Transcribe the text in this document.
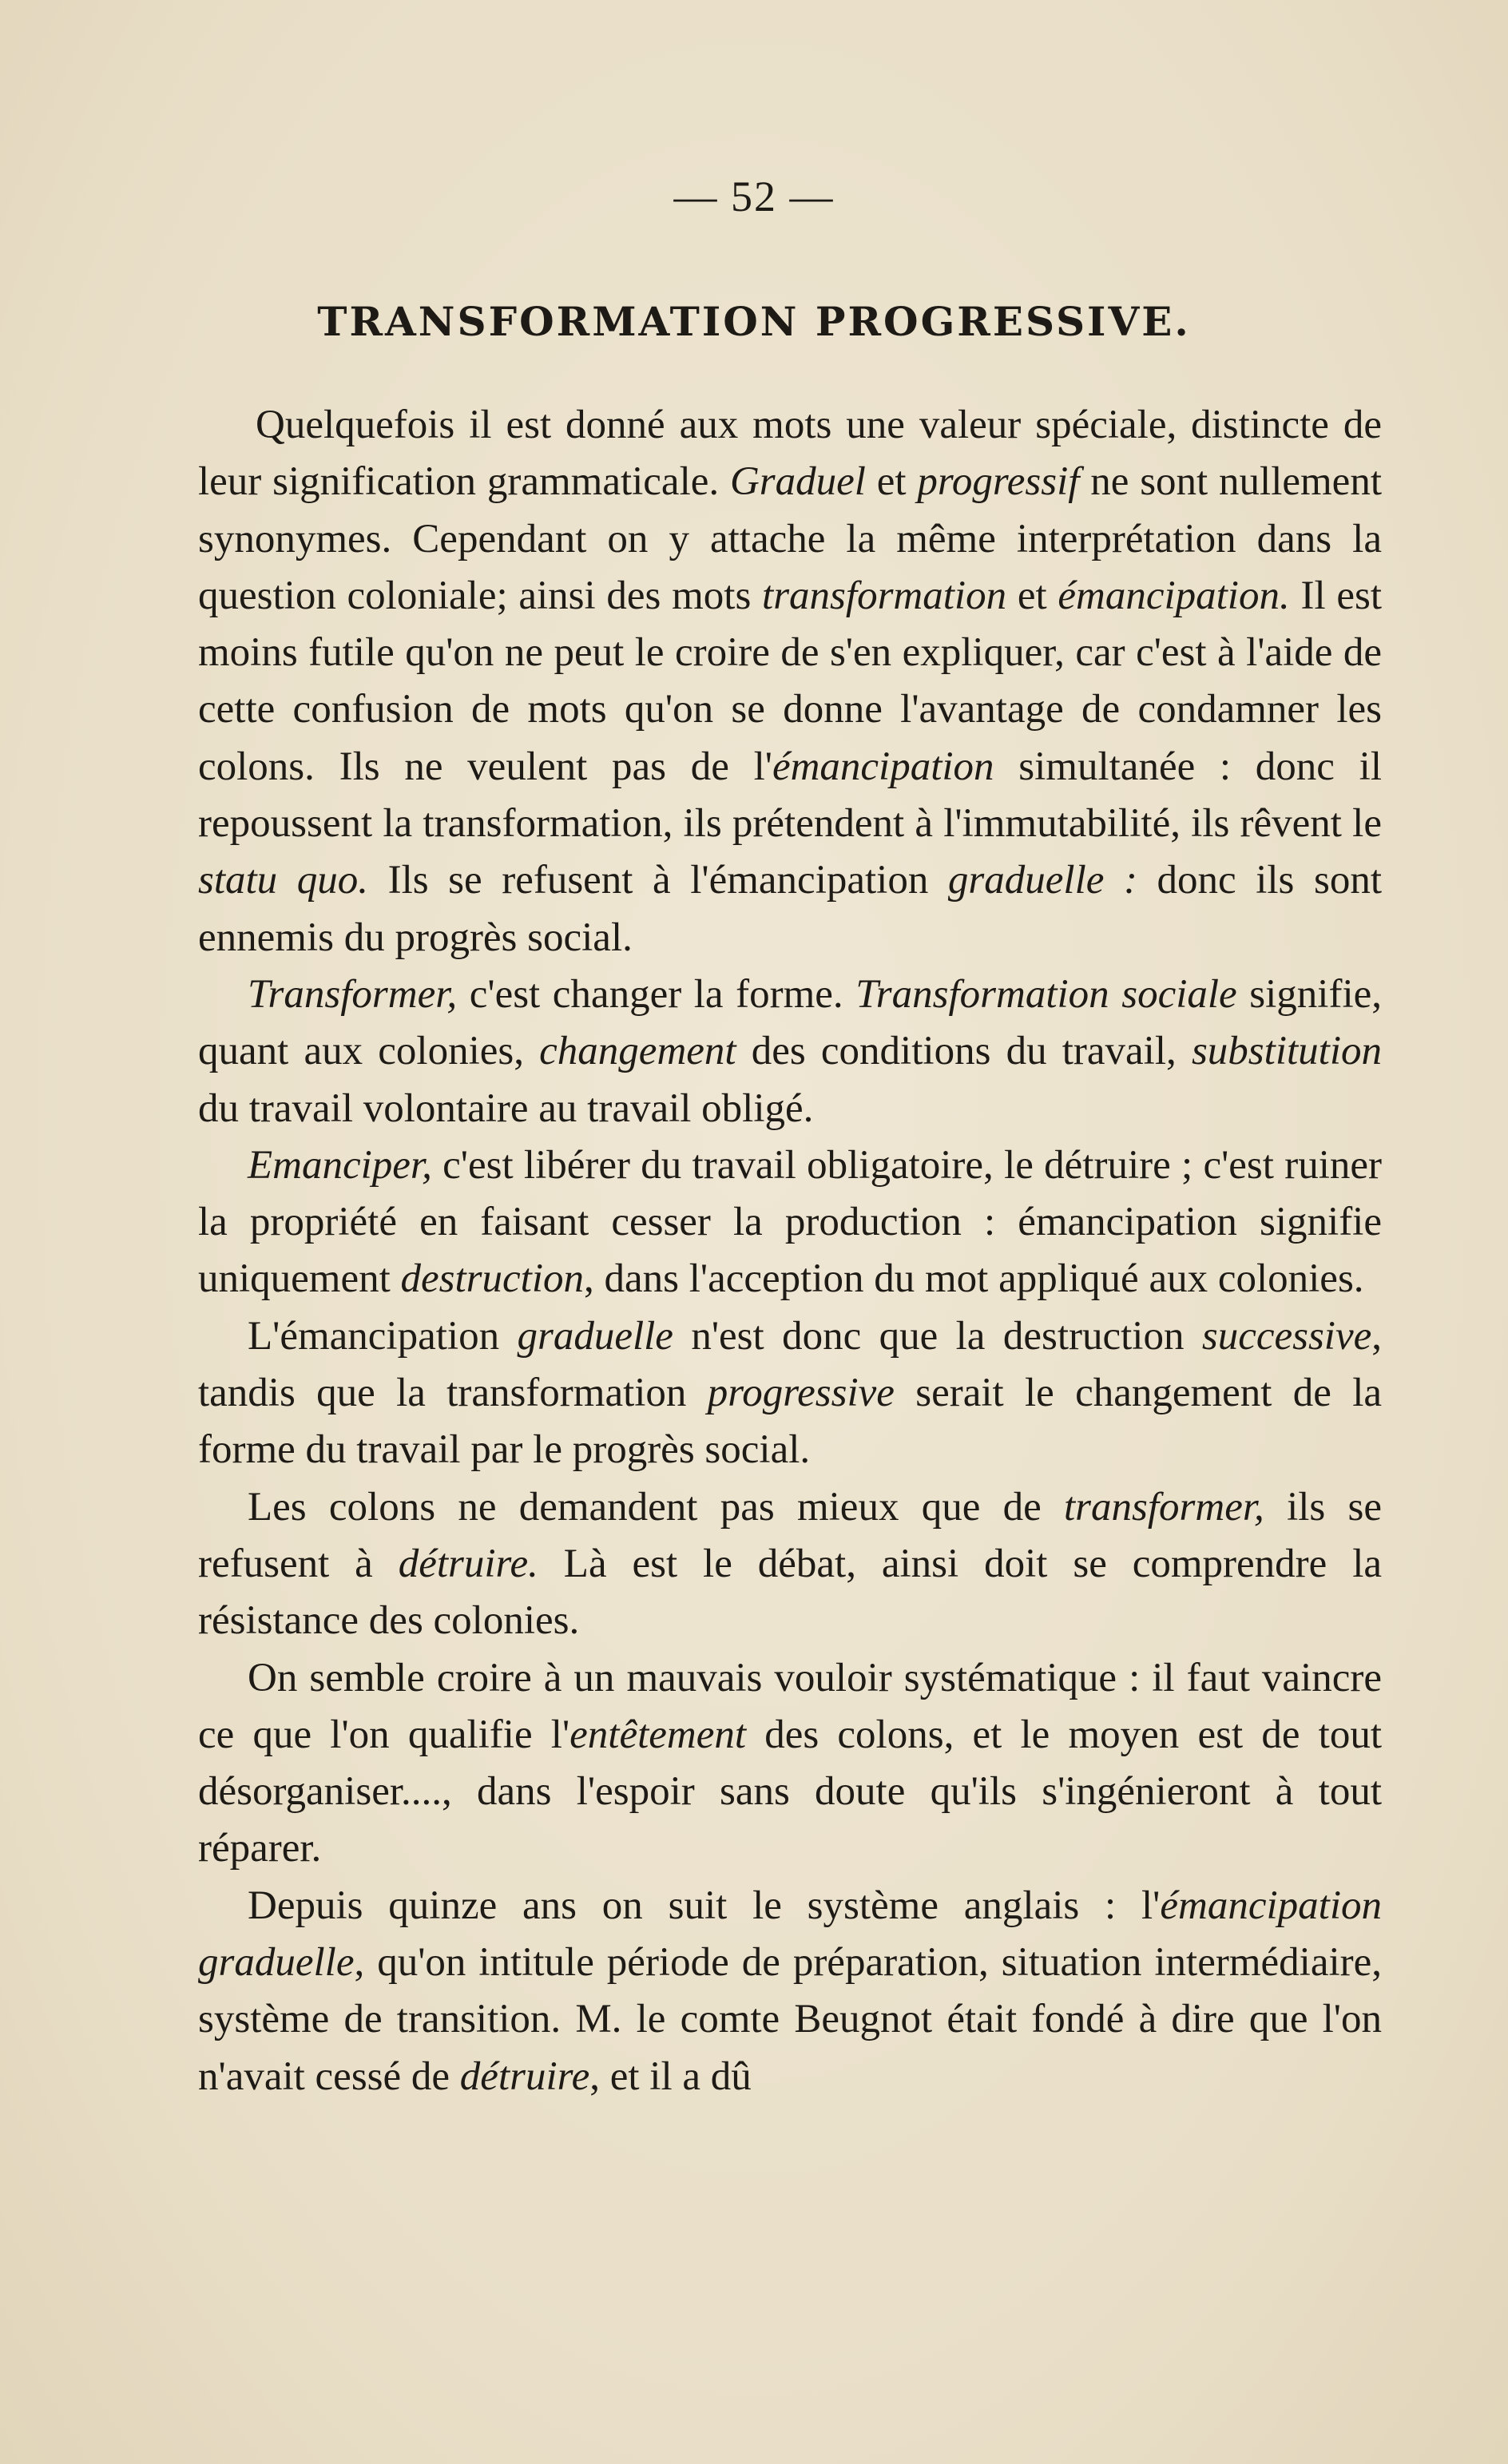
— 52 —
TRANSFORMATION PROGRESSIVE.

Quelquefois il est donné aux mots une valeur spéciale, distincte de leur signification grammaticale. Graduel et progressif ne sont nullement synonymes. Cependant on y attache la même interprétation dans la question coloniale; ainsi des mots transformation et émancipation. Il est moins futile qu'on ne peut le croire de s'en expliquer, car c'est à l'aide de cette confusion de mots qu'on se donne l'avantage de condamner les colons. Ils ne veulent pas de l'émancipation simultanée : donc il repoussent la transformation, ils prétendent à l'immutabilité, ils rêvent le statu quo. Ils se refusent à l'émancipation graduelle : donc ils sont ennemis du progrès social.

Transformer, c'est changer la forme. Transformation sociale signifie, quant aux colonies, changement des conditions du travail, substitution du travail volontaire au travail obligé.

Emanciper, c'est libérer du travail obligatoire, le détruire ; c'est ruiner la propriété en faisant cesser la production : émancipation signifie uniquement destruction, dans l'acception du mot appliqué aux colonies.

L'émancipation graduelle n'est donc que la destruction successive, tandis que la transformation progressive serait le changement de la forme du travail par le progrès social.

Les colons ne demandent pas mieux que de transformer, ils se refusent à détruire. Là est le débat, ainsi doit se comprendre la résistance des colonies.

On semble croire à un mauvais vouloir systématique : il faut vaincre ce que l'on qualifie l'entêtement des colons, et le moyen est de tout désorganiser...., dans l'espoir sans doute qu'ils s'ingénieront à tout réparer.

Depuis quinze ans on suit le système anglais : l'émancipation graduelle, qu'on intitule période de préparation, situation intermédiaire, système de transition. M. le comte Beugnot était fondé à dire que l'on n'avait cessé de détruire, et il a dû
